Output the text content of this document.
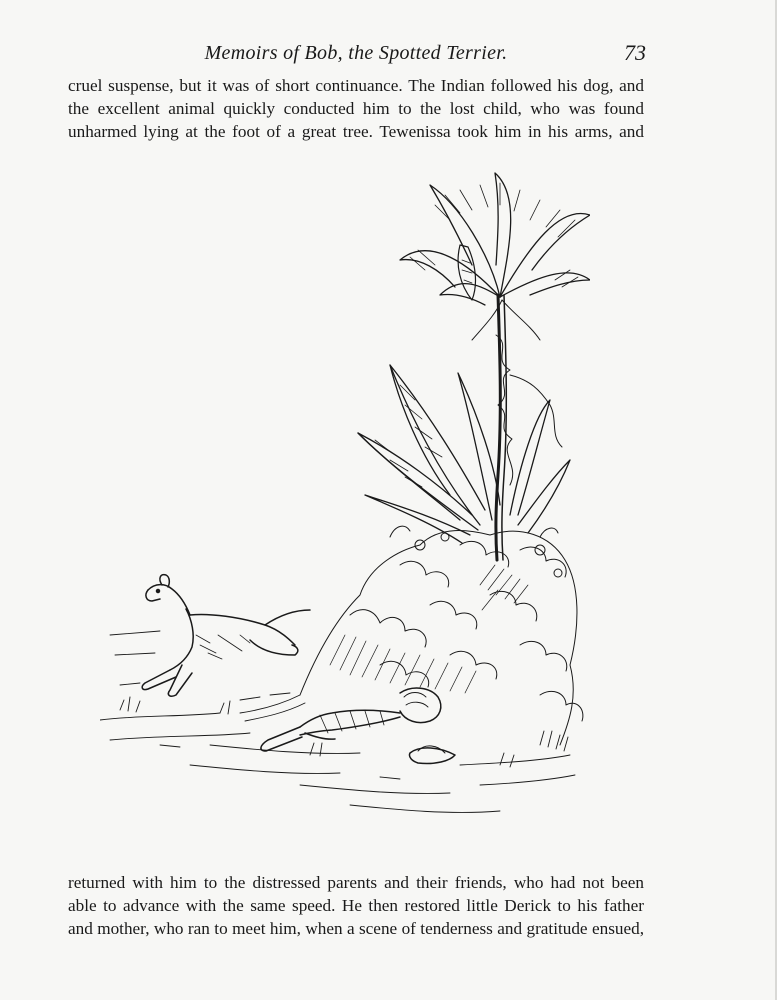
Memoirs of Bob, the Spotted Terrier.	73
cruel suspense, but it was of short continuance. The Indian followed his dog, and
the excellent animal quickly conducted him to the lost child, who was found
unharmed lying at the foot of a great tree. Tewenissa took him in his arms, and
returned with him to the distressed parents and their friends, who had not been
able to advance with the same speed. He then restored little Derick to his father
and mother, who ran to meet him, when a scene of tenderness and gratitude ensued,
